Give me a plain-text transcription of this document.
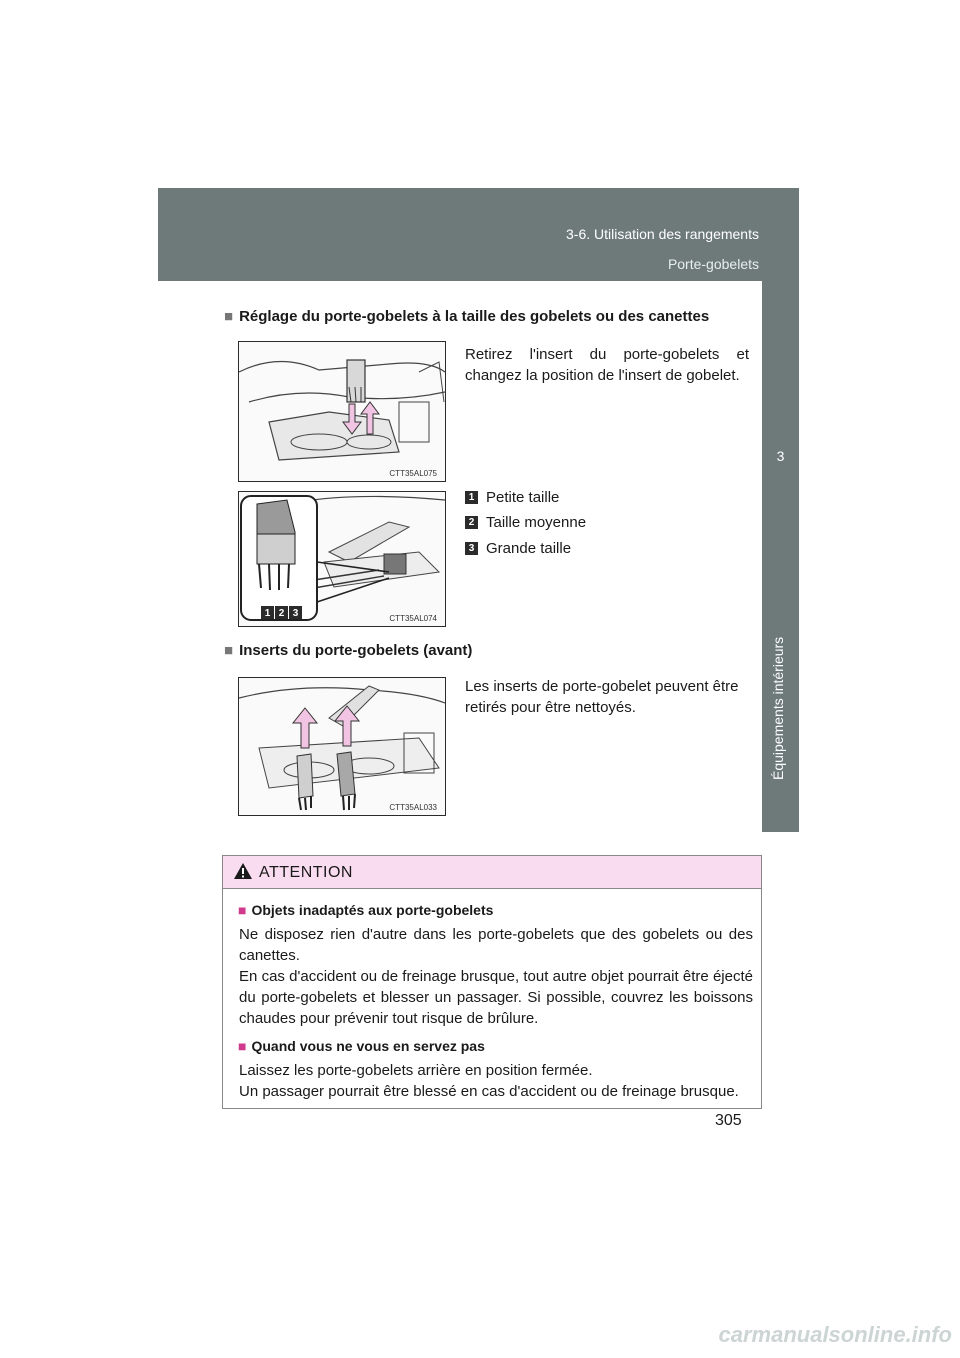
3-6. Utilisation des rangements
Porte-gobelets
3
Équipements intérieurs
■ Réglage du porte-gobelets à la taille des gobelets ou des canettes
Retirez l'insert du porte-gobelets et changez la position de l'insert de gobelet.
CTT35AL075
1 2 3	CTT35AL074
1 Petite taille
2 Taille moyenne
3 Grande taille
■ Inserts du porte-gobelets (avant)
Les inserts de porte-gobelet peuvent être retirés pour être nettoyés.
CTT35AL033
ATTENTION
■ Objets inadaptés aux porte-gobelets
Ne disposez rien d'autre dans les porte-gobelets que des gobelets ou des canettes.
En cas d'accident ou de freinage brusque, tout autre objet pourrait être éjecté du porte-gobelets et blesser un passager. Si possible, couvrez les boissons chaudes pour prévenir tout risque de brûlure.
■ Quand vous ne vous en servez pas
Laissez les porte-gobelets arrière en position fermée.
Un passager pourrait être blessé en cas d'accident ou de freinage brusque.
305
carmanualsonline.info
